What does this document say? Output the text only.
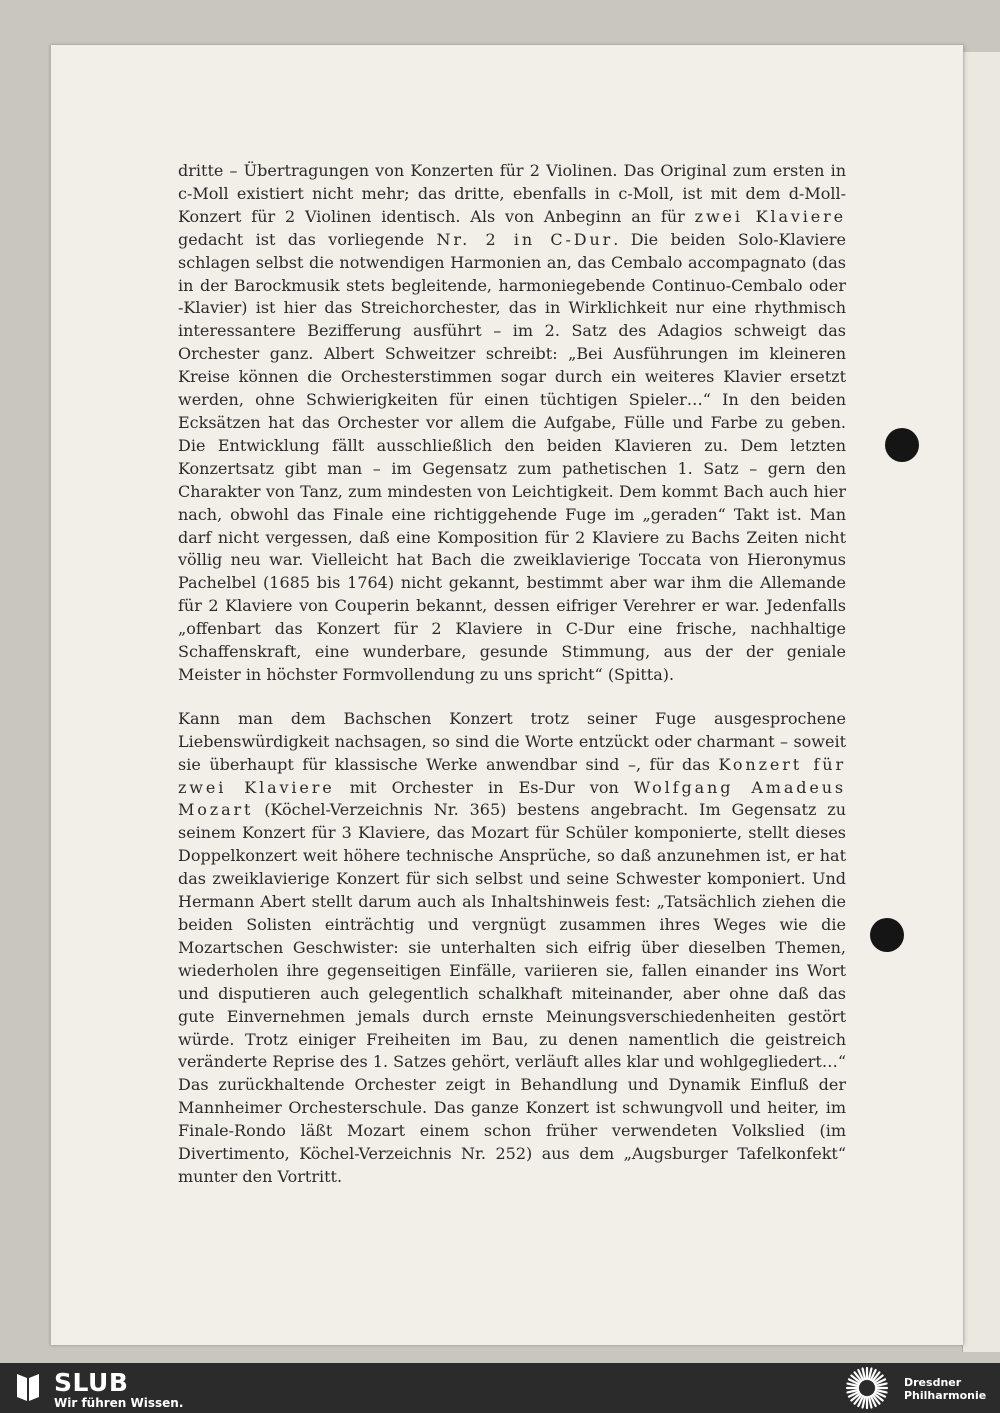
dritte – Übertragungen von Konzerten für 2 Violinen. Das Original zum ersten in c-Moll existiert nicht mehr; das dritte, ebenfalls in c-Moll, ist mit dem d-Moll-Konzert für 2 Violinen identisch. Als von Anbeginn an für zwei Klaviere gedacht ist das vorliegende Nr. 2 in C-Dur. Die beiden Solo-Klaviere schlagen selbst die notwendigen Harmonien an, das Cembalo accompagnato (das in der Barockmusik stets begleitende, harmoniegebende Continuo-Cembalo oder -Klavier) ist hier das Streichorchester, das in Wirklichkeit nur eine rhythmisch interessantere Bezifferung ausführt – im 2. Satz des Adagios schweigt das Orchester ganz. Albert Schweitzer schreibt: „Bei Ausführungen im kleineren Kreise können die Orchesterstimmen sogar durch ein weiteres Klavier ersetzt werden, ohne Schwierigkeiten für einen tüchtigen Spieler…“ In den beiden Ecksätzen hat das Orchester vor allem die Aufgabe, Fülle und Farbe zu geben. Die Entwicklung fällt ausschließlich den beiden Klavieren zu. Dem letzten Konzertsatz gibt man – im Gegensatz zum pathetischen 1. Satz – gern den Charakter von Tanz, zum mindesten von Leichtigkeit. Dem kommt Bach auch hier nach, obwohl das Finale eine richtiggehende Fuge im „geraden“ Takt ist. Man darf nicht vergessen, daß eine Komposition für 2 Klaviere zu Bachs Zeiten nicht völlig neu war. Vielleicht hat Bach die zweiklavierige Toccata von Hieronymus Pachelbel (1685 bis 1764) nicht gekannt, bestimmt aber war ihm die Allemande für 2 Klaviere von Couperin bekannt, dessen eifriger Verehrer er war. Jedenfalls „offenbart das Konzert für 2 Klaviere in C-Dur eine frische, nachhaltige Schaffenskraft, eine wunderbare, gesunde Stimmung, aus der der geniale Meister in höchster Formvollendung zu uns spricht“ (Spitta).

Kann man dem Bachschen Konzert trotz seiner Fuge ausgesprochene Liebenswürdigkeit nachsagen, so sind die Worte entzückt oder charmant – soweit sie überhaupt für klassische Werke anwendbar sind –, für das Konzert für zwei Klaviere mit Orchester in Es-Dur von Wolfgang Amadeus Mozart (Köchel-Verzeichnis Nr. 365) bestens angebracht. Im Gegensatz zu seinem Konzert für 3 Klaviere, das Mozart für Schüler komponierte, stellt dieses Doppelkonzert weit höhere technische Ansprüche, so daß anzunehmen ist, er hat das zweiklavierige Konzert für sich selbst und seine Schwester komponiert. Und Hermann Abert stellt darum auch als Inhaltshinweis fest: „Tatsächlich ziehen die beiden Solisten einträchtig und vergnügt zusammen ihres Weges wie die Mozartschen Geschwister: sie unterhalten sich eifrig über dieselben Themen, wiederholen ihre gegenseitigen Einfälle, variieren sie, fallen einander ins Wort und disputieren auch gelegentlich schalkhaft miteinander, aber ohne daß das gute Einvernehmen jemals durch ernste Meinungsverschiedenheiten gestört würde. Trotz einiger Freiheiten im Bau, zu denen namentlich die geistreich veränderte Reprise des 1. Satzes gehört, verläuft alles klar und wohlgegliedert…“ Das zurückhaltende Orchester zeigt in Behandlung und Dynamik Einfluß der Mannheimer Orchesterschule. Das ganze Konzert ist schwungvoll und heiter, im Finale-Rondo läßt Mozart einem schon früher verwendeten Volkslied (im Divertimento, Köchel-Verzeichnis Nr. 252) aus dem „Augsburger Tafelkonfekt“ munter den Vortritt.

SLUB
Wir führen Wissen.
Dresdner
Philharmonie
